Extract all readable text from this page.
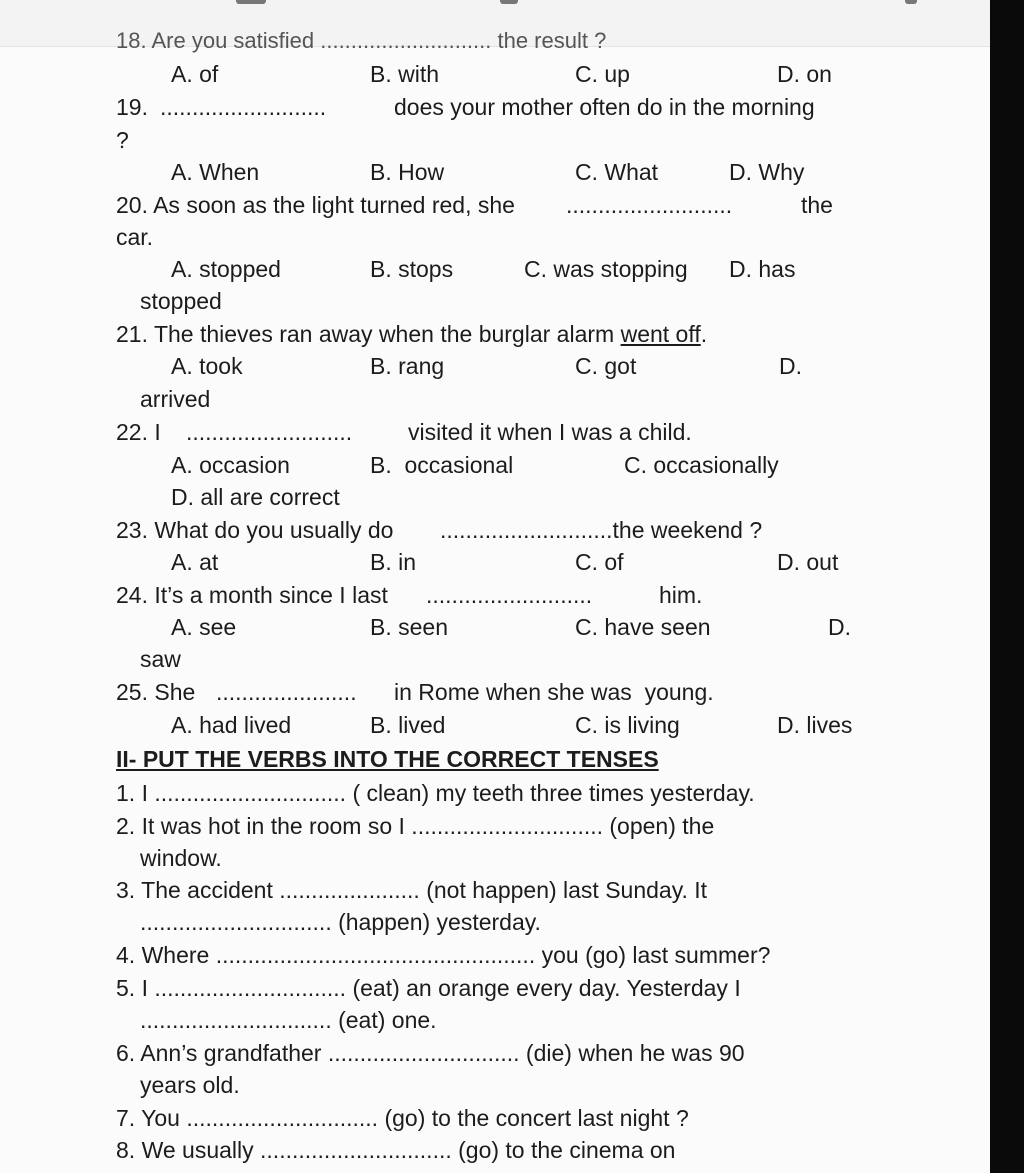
18. Are you satisfied ............................ the result ?
A. of	B. with	C. up	D. on
19. ..........................	does your mother often do in the morning
?
A. When	B. How	C. What	D. Why
20. As soon as the light turned red, she ..........................	the
car.
A. stopped	B. stops	C. was stopping D. has
stopped
21. The thieves ran away when the burglar alarm went off.
A. took	B. rang	C. got	D.
arrived
22. I .......................... visited it when I was a child.
A. occasion	B.  occasional	C. occasionally
D. all are correct
23. What do you usually do ...........................the weekend ?
A. at	B. in	C. of	D. out
24. It’s a month since I last ..........................	him.
A. see	B. seen	C. have seen	D.
saw
25. She ...................... in Rome when she was  young.
A. had lived	B. lived	C. is living	D. lives
II- PUT THE VERBS INTO THE CORRECT TENSES
1. I .............................. ( clean) my teeth three times yesterday.
2. It was hot in the room so I .............................. (open) the
window.
3. The accident ...................... (not happen) last Sunday. It
.............................. (happen) yesterday.
4. Where .................................................. you (go) last summer?
5. I .............................. (eat) an orange every day. Yesterday I
.............................. (eat) one.
6. Ann’s grandfather .............................. (die) when he was 90
years old.
7. You .............................. (go) to the concert last night ?
8. We usually .............................. (go) to the cinema on
